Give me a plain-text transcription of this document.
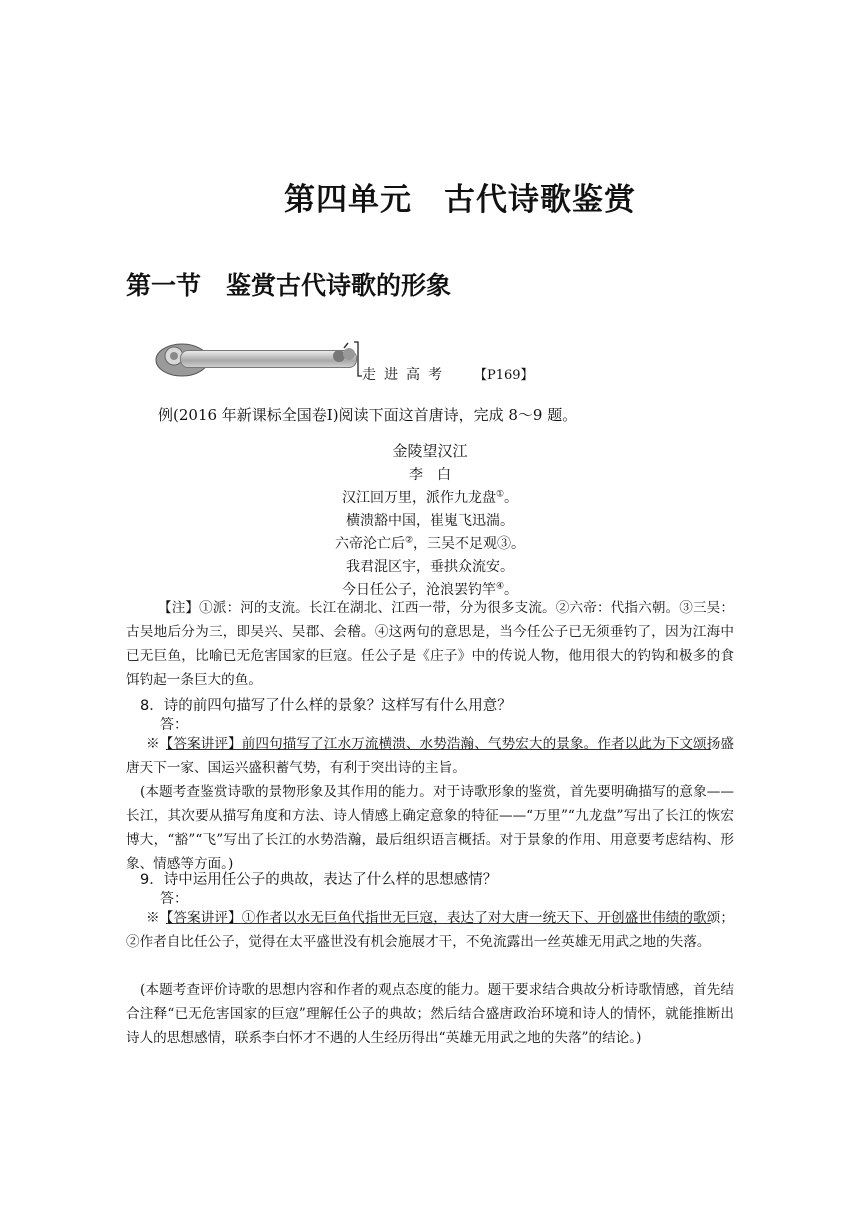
第四单元　古代诗歌鉴赏
第一节　鉴赏古代诗歌的形象
走进高考 【P169】
例(2016 年新课标全国卷Ⅰ)阅读下面这首唐诗，完成 8～9 题。
金陵望汉江
李　白
汉江回万里，派作九龙盘①。
横溃豁中国，崔嵬飞迅湍。
六帝沦亡后②，三吴不足观③。
我君混区宇，垂拱众流安。
今日任公子，沧浪罢钓竿④。
【注】①派：河的支流。长江在湖北、江西一带，分为很多支流。②六帝：代指六朝。③三吴：古吴地后分为三，即吴兴、吴郡、会稽。④这两句的意思是，当今任公子已无须垂钓了，因为江海中已无巨鱼，比喻已无危害国家的巨寇。任公子是《庄子》中的传说人物，他用很大的钓钩和极多的食饵钓起一条巨大的鱼。
8．诗的前四句描写了什么样的景象？这样写有什么用意？
答：
※【答案讲评】前四句描写了江水万流横溃、水势浩瀚、气势宏大的景象。作者以此为下文颂扬盛唐天下一家、国运兴盛积蓄气势，有利于突出诗的主旨。
(本题考查鉴赏诗歌的景物形象及其作用的能力。对于诗歌形象的鉴赏，首先要明确描写的意象——长江，其次要从描写角度和方法、诗人情感上确定意象的特征——“万里”“九龙盘”写出了长江的恢宏博大，“豁”“飞”写出了长江的水势浩瀚，最后组织语言概括。对于景象的作用、用意要考虑结构、形象、情感等方面。)
9．诗中运用任公子的典故，表达了什么样的思想感情？
答：
※【答案讲评】①作者以水无巨鱼代指世无巨寇，表达了对大唐一统天下、开创盛世伟绩的歌颂；②作者自比任公子，觉得在太平盛世没有机会施展才干，不免流露出一丝英雄无用武之地的失落。
(本题考查评价诗歌的思想内容和作者的观点态度的能力。题干要求结合典故分析诗歌情感，首先结合注释“已无危害国家的巨寇”理解任公子的典故；然后结合盛唐政治环境和诗人的情怀，就能推断出诗人的思想感情，联系李白怀才不遇的人生经历得出“英雄无用武之地的失落”的结论。)
